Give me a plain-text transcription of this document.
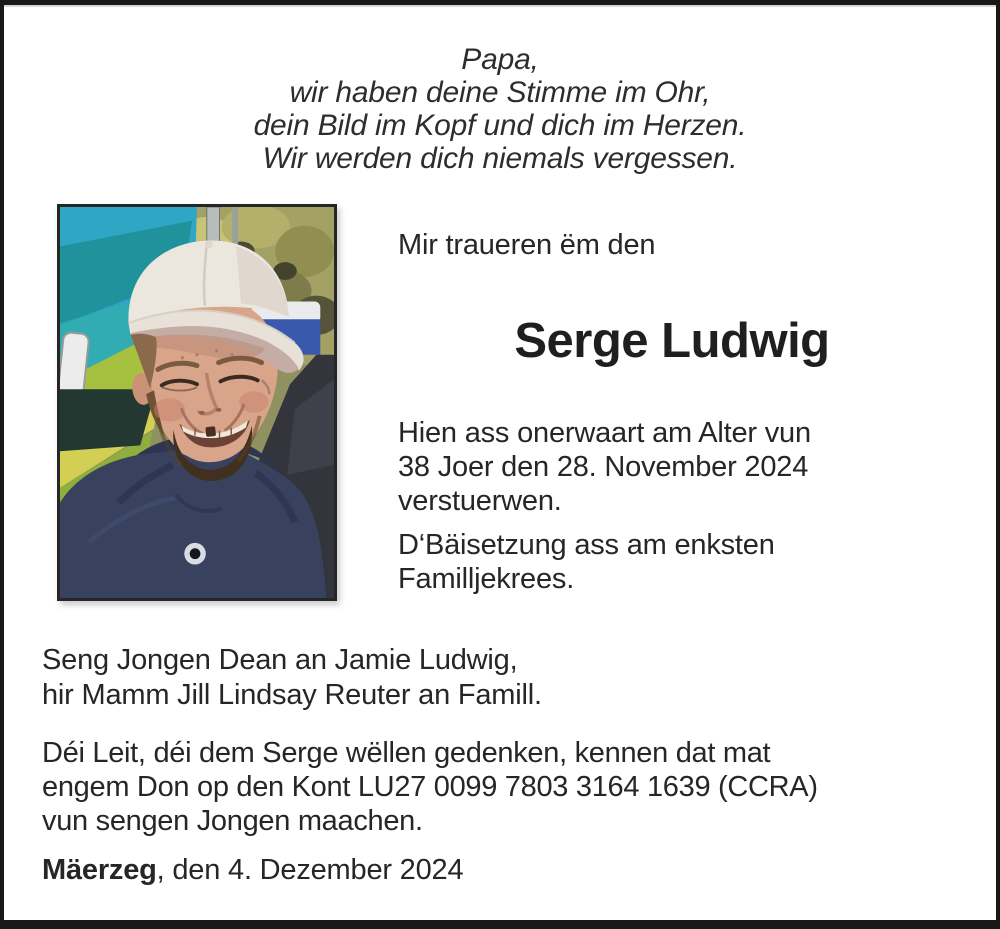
Papa,
wir haben deine Stimme im Ohr,
dein Bild im Kopf und dich im Herzen.
Wir werden dich niemals vergessen.
Mir traueren ëm den
Serge Ludwig
Hien ass onerwaart am Alter vun
38 Joer den 28. November 2024
verstuerwen.
D‘Bäisetzung ass am enksten
Familljekrees.
Seng Jongen Dean an Jamie Ludwig,
hir Mamm Jill Lindsay Reuter an Famill.
Déi Leit, déi dem Serge wëllen gedenken, kennen dat mat
engem Don op den Kont LU27 0099 7803 3164 1639 (CCRA)
vun sengen Jongen maachen.
Mäerzeg, den 4. Dezember 2024
